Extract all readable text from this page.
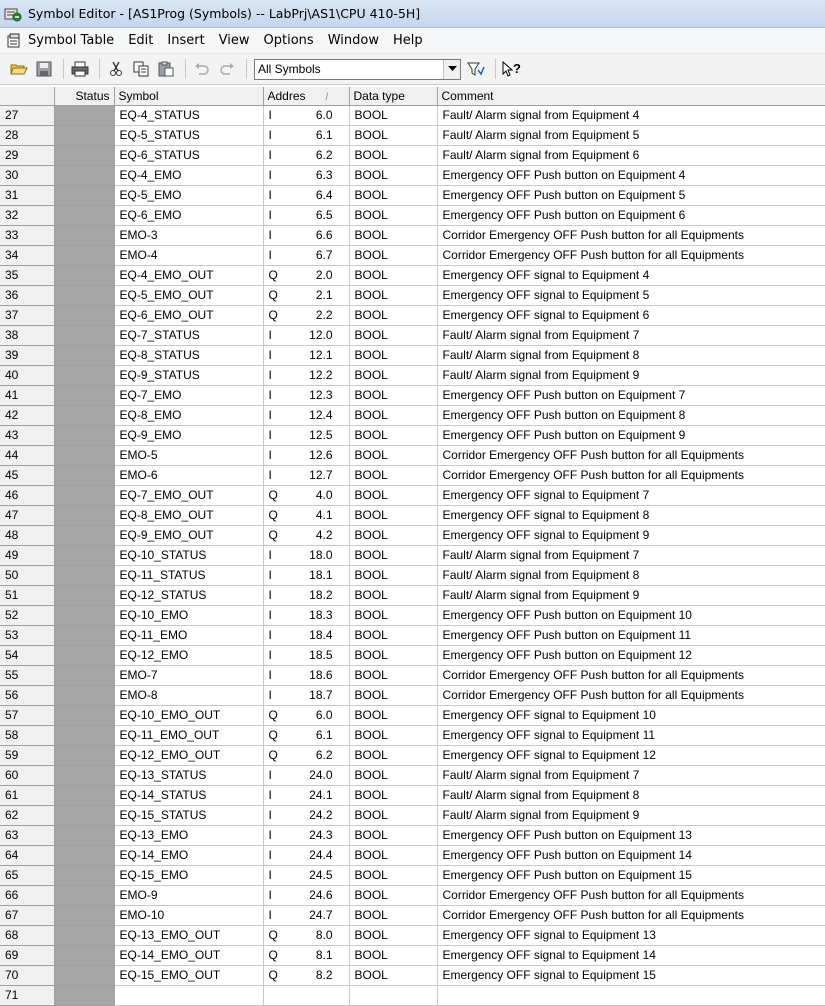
Symbol Editor - [AS1Prog (Symbols) -- LabPrj\AS1\CPU 410-5H]
Symbol Table Edit Insert View Options Window Help
All Symbols	?
	Status	Symbol	Addres /	Data type	Comment
27		EQ-4_STATUS	I 6.0	BOOL	Fault/ Alarm signal from Equipment 4
28		EQ-5_STATUS	I 6.1	BOOL	Fault/ Alarm signal from Equipment 5
29		EQ-6_STATUS	I 6.2	BOOL	Fault/ Alarm signal from Equipment 6
30		EQ-4_EMO	I 6.3	BOOL	Emergency OFF Push button on Equipment 4
31		EQ-5_EMO	I 6.4	BOOL	Emergency OFF Push button on Equipment 5
32		EQ-6_EMO	I 6.5	BOOL	Emergency OFF Push button on Equipment 6
33		EMO-3	I 6.6	BOOL	Corridor Emergency OFF Push button for all Equipments
34		EMO-4	I 6.7	BOOL	Corridor Emergency OFF Push button for all Equipments
35		EQ-4_EMO_OUT	Q 2.0	BOOL	Emergency OFF signal to Equipment 4
36		EQ-5_EMO_OUT	Q 2.1	BOOL	Emergency OFF signal to Equipment 5
37		EQ-6_EMO_OUT	Q 2.2	BOOL	Emergency OFF signal to Equipment 6
38		EQ-7_STATUS	I 12.0	BOOL	Fault/ Alarm signal from Equipment 7
39		EQ-8_STATUS	I 12.1	BOOL	Fault/ Alarm signal from Equipment 8
40		EQ-9_STATUS	I 12.2	BOOL	Fault/ Alarm signal from Equipment 9
41		EQ-7_EMO	I 12.3	BOOL	Emergency OFF Push button on Equipment 7
42		EQ-8_EMO	I 12.4	BOOL	Emergency OFF Push button on Equipment 8
43		EQ-9_EMO	I 12.5	BOOL	Emergency OFF Push button on Equipment 9
44		EMO-5	I 12.6	BOOL	Corridor Emergency OFF Push button for all Equipments
45		EMO-6	I 12.7	BOOL	Corridor Emergency OFF Push button for all Equipments
46		EQ-7_EMO_OUT	Q 4.0	BOOL	Emergency OFF signal to Equipment 7
47		EQ-8_EMO_OUT	Q 4.1	BOOL	Emergency OFF signal to Equipment 8
48		EQ-9_EMO_OUT	Q 4.2	BOOL	Emergency OFF signal to Equipment 9
49		EQ-10_STATUS	I 18.0	BOOL	Fault/ Alarm signal from Equipment 7
50		EQ-11_STATUS	I 18.1	BOOL	Fault/ Alarm signal from Equipment 8
51		EQ-12_STATUS	I 18.2	BOOL	Fault/ Alarm signal from Equipment 9
52		EQ-10_EMO	I 18.3	BOOL	Emergency OFF Push button on Equipment 10
53		EQ-11_EMO	I 18.4	BOOL	Emergency OFF Push button on Equipment 11
54		EQ-12_EMO	I 18.5	BOOL	Emergency OFF Push button on Equipment 12
55		EMO-7	I 18.6	BOOL	Corridor Emergency OFF Push button for all Equipments
56		EMO-8	I 18.7	BOOL	Corridor Emergency OFF Push button for all Equipments
57		EQ-10_EMO_OUT	Q 6.0	BOOL	Emergency OFF signal to Equipment 10
58		EQ-11_EMO_OUT	Q 6.1	BOOL	Emergency OFF signal to Equipment 11
59		EQ-12_EMO_OUT	Q 6.2	BOOL	Emergency OFF signal to Equipment 12
60		EQ-13_STATUS	I 24.0	BOOL	Fault/ Alarm signal from Equipment 7
61		EQ-14_STATUS	I 24.1	BOOL	Fault/ Alarm signal from Equipment 8
62		EQ-15_STATUS	I 24.2	BOOL	Fault/ Alarm signal from Equipment 9
63		EQ-13_EMO	I 24.3	BOOL	Emergency OFF Push button on Equipment 13
64		EQ-14_EMO	I 24.4	BOOL	Emergency OFF Push button on Equipment 14
65		EQ-15_EMO	I 24.5	BOOL	Emergency OFF Push button on Equipment 15
66		EMO-9	I 24.6	BOOL	Corridor Emergency OFF Push button for all Equipments
67		EMO-10	I 24.7	BOOL	Corridor Emergency OFF Push button for all Equipments
68		EQ-13_EMO_OUT	Q 8.0	BOOL	Emergency OFF signal to Equipment 13
69		EQ-14_EMO_OUT	Q 8.1	BOOL	Emergency OFF signal to Equipment 14
70		EQ-15_EMO_OUT	Q 8.2	BOOL	Emergency OFF signal to Equipment 15
71			
